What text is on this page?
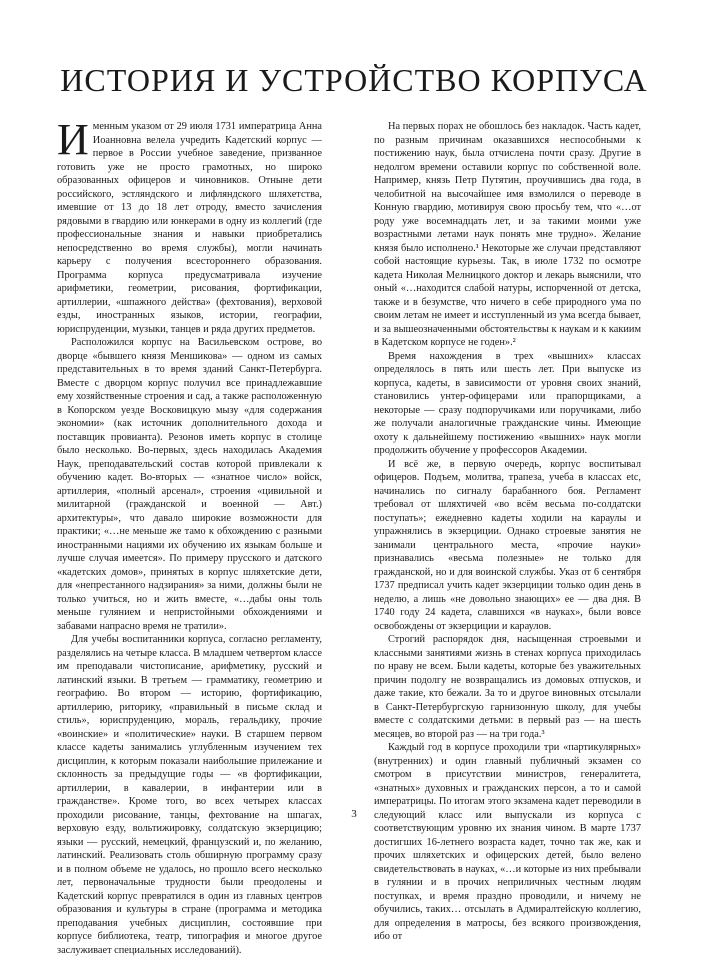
ИСТОРИЯ И УСТРОЙСТВО КОРПУСА

Именным указом от 29 июля 1731 императрица Анна Иоанновна велела учредить Кадетский корпус — первое в России учебное заведение, призванное готовить уже не просто грамотных, но широко образованных офицеров и чиновников. Отныне дети российского, эстляндского и лифляндского шляхетства, имевшие от 13 до 18 лет отроду, вместо зачисления рядовыми в гвардию или юнкерами в одну из коллегий (где профессиональные знания и навыки приобретались непосредственно во время службы), могли начинать карьеру с получения всестороннего образования. Программа корпуса предусматривала изучение арифметики, геометрии, рисования, фортификации, артиллерии, «шпажного действа» (фехтования), верховой езды, иностранных языков, истории, географии, юриспруденции, музыки, танцев и ряда других предметов.

Расположился корпус на Васильевском острове, во дворце «бывшего князя Меншикова» — одном из самых представительных в то время зданий Санкт-Петербурга. Вместе с дворцом корпус получил все принадлежавшие ему хозяйственные строения и сад, а также расположенную в Копорском уезде Восковицкую мызу «для содержания экономии» (как источник дополнительного дохода и поставщик провианта). Резонов иметь корпус в столице было несколько. Во-первых, здесь находилась Академия Наук, преподавательский состав которой привлекали к обучению кадет. Во-вторых — «знатное число» войск, артиллерия, «полный арсенал», строения «цивильной и милитарной (гражданской и военной — Авт.) архитектуры», что давало широкие возможности для практики; «…не меньше же тамо к обхождению с разными иностранными нациями их обучению их языкам больше и лучше случая имеется». По примеру прусского и датского «кадетских домов», принятых в корпус шляхетские дети, для «непрестанного надзирания» за ними, должны были не только учиться, но и жить вместе, «…дабы оны толь меньше гулянием и непристойными обхождениями и забавами напрасно время не тратили».

Для учебы воспитанники корпуса, согласно регламенту, разделялись на четыре класса. В младшем четвертом классе им преподавали чистописание, арифметику, русский и латинский языки. В третьем — грамматику, геометрию и географию. Во втором — историю, фортификацию, артиллерию, риторику, «правильный в письме склад и стиль», юриспруденцию, мораль, геральдику, прочие «воинские» и «политические» науки. В старшем первом классе кадеты занимались углубленным изучением тех дисциплин, к которым показали наибольшие прилежание и склонность за предыдущие годы — «в фортификации, артиллерии, в кавалерии, в инфантерии или в гражданстве». Кроме того, во всех четырех классах проходили рисование, танцы, фехтование на шпагах, верховую езду, вольтижировку, солдатскую экзерцицию; языки — русский, немецкий, французский и, по желанию, латинский. Реализовать столь обширную программу сразу и в полном объеме не удалось, но прошло всего несколько лет, первоначальные трудности были преодолены и Кадетский корпус превратился в один из главных центров образования и культуры в стране (программа и методика преподавания учебных дисциплин, состоявшие при корпусе библиотека, театр, типография и многое другое заслуживает специальных исследований).

На первых порах не обошлось без накладок. Часть кадет, по разным причинам оказавшихся неспособными к постижению наук, была отчислена почти сразу. Другие в недолгом времени оставили корпус по собственной воле. Например, князь Петр Путятин, проучившись два года, в челобитной на высочайшее имя взмолился о переводе в Конную гвардию, мотивируя свою просьбу тем, что «…от роду уже восемнадцать лет, и за такими моими уже возрастными летами наук понять мне трудно». Желание князя было исполнено.¹ Некоторые же случаи представляют собой настоящие курьезы. Так, в июле 1732 по осмотре кадета Николая Мелницкого доктор и лекарь выяснили, что оный «…находится слабой натуры, испорченной от детска, также и в безумстве, что ничего в себе природного ума по своим летам не имеет и исступленный из ума всегда бывает, и за вышеозначенными обстоятельствы к наукам и к какиим в Кадетском корпусе не годен».²

Время нахождения в трех «вышних» классах определялось в пять или шесть лет. При выпуске из корпуса, кадеты, в зависимости от уровня своих знаний, становились унтер-офицерами или прапорщиками, а некоторые — сразу подпоручиками или поручиками, либо же получали аналогичные гражданские чины. Имеющие охоту к дальнейшему постижению «вышних» наук могли продолжить обучение у профессоров Академии.

И всё же, в первую очередь, корпус воспитывал офицеров. Подъем, молитва, трапеза, учеба в классах etc, начинались по сигналу барабанного боя. Регламент требовал от шляхтичей «во всём весьма по-солдатски поступать»; ежедневно кадеты ходили на караулы и упражнялись в экзерциции. Однако строевые занятия не занимали центрального места, «прочие науки» признавались «весьма полезные» не только для гражданской, но и для воинской службы. Указ от 6 сентября 1737 предписал учить кадет экзерциции только один день в неделю, а лишь «не довольно знающих» ее — два дня. В 1740 году 24 кадета, славшихся «в науках», были вовсе освобождены от экзерциции и караулов.

Строгий распорядок дня, насыщенная строевыми и классными занятиями жизнь в стенах корпуса приходилась по нраву не всем. Были кадеты, которые без уважительных причин подолгу не возвращались из домовых отпусков, и даже такие, кто бежали. За то и другое виновных отсылали в Санкт-Петербургскую гарнизонную школу, для учебы вместе с солдатскими детьми: в первый раз — на шесть месяцев, во второй раз — на три года.³

Каждый год в корпусе проходили три «партикулярных» (внутренних) и один главный публичный экзамен со смотром в присутствии министров, генералитета, «знатных» духовных и гражданских персон, а то и самой императрицы. По итогам этого экзамена кадет переводили в следующий класс или выпускали из корпуса с соответствующим уровню их знания чином. В марте 1737 достигших 16-летнего возраста кадет, точно так же, как и прочих шляхетских и офицерских детей, было велено свидетельствовать в науках, «…и которые из них пребывали в гулянии и в прочих неприличных честным людям поступках, и время праздно проводили, и ничему не обучились, таких… отсылать в Адмиралтейскую коллегию, для определения в матросы, без всякого произвождения, ибо от

3
